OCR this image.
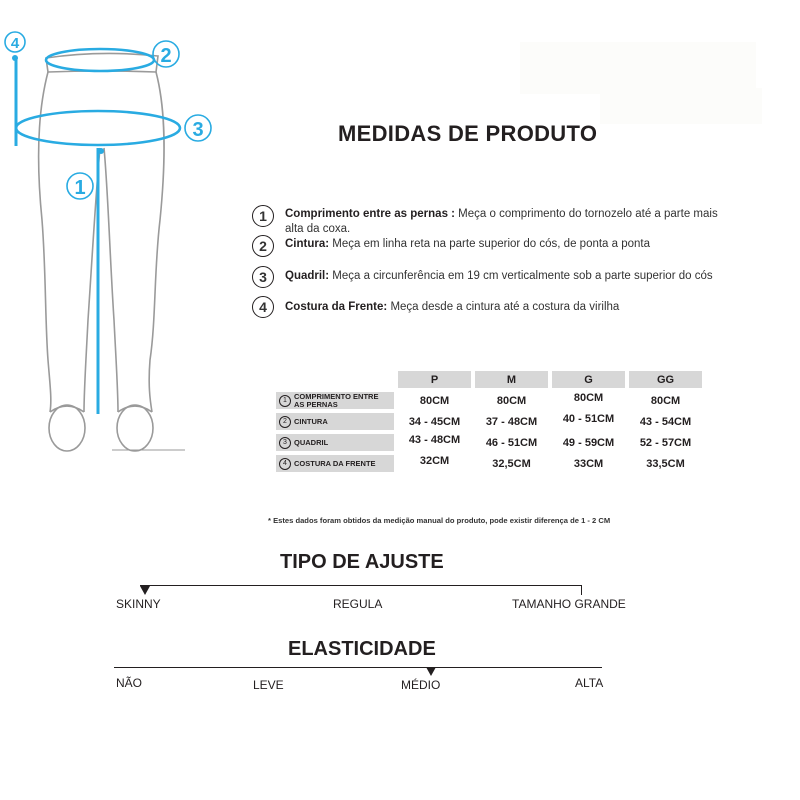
4
2
3
1
MEDIDAS DE PRODUTO
1	Comprimento entre as pernas : Meça o comprimento do tornozelo até a parte mais alta da coxa.
2	Cintura: Meça em linha reta na parte superior do cós, de ponta a ponta
3	Quadril: Meça a circunferência em 19 cm verticalmente sob a parte superior do cós
4	Costura da Frente: Meça desde a cintura até a costura da virilha
	P	M	G	GG
1 COMPRIMENTO ENTRE AS PERNAS	80CM	80CM	80CM	80CM
2 CINTURA	34 - 45CM	37 - 48CM	40 - 51CM	43 - 54CM
3 QUADRIL	43 - 48CM	46 - 51CM	49 - 59CM	52 - 57CM
4 COSTURA DA FRENTE	32CM	32,5CM	33CM	33,5CM
* Estes dados foram obtidos da medição manual do produto, pode existir diferença de 1 - 2 CM
TIPO DE AJUSTE
SKINNY	REGULA	TAMANHO GRANDE
ELASTICIDADE
NÃO	LEVE	MÉDIO	ALTA
